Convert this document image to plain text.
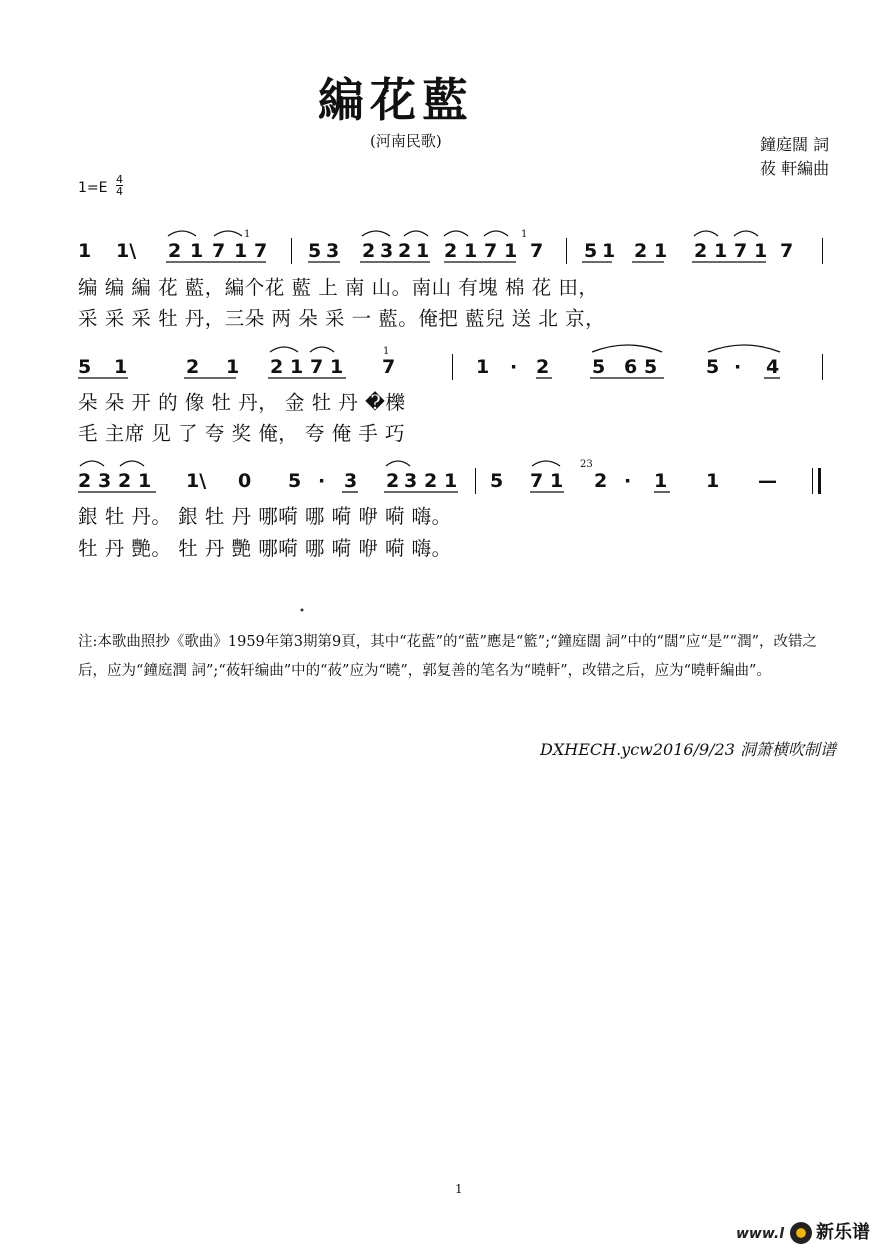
編花藍
(河南民歌)	鐘庭闊 詞
莜 軒編曲
1=E
4
4
1 1\ 2 1 7 1 7 5 3 2 3 2 1 2 1 7 1 7 5 1 2 1 2 1 7 1 7
编 编 編 花 藍，編个花 藍 上 南 山。南山 有塊 棉 花 田，
采 采 采 牡 丹，三朵 两 朵 采 一 藍。俺把 藍兒 送 北 京，
5 1	2 1 2 1 7 1 7	1 · 2 5 6 5	5 · 4
朵 朵 开 的 像 牡 丹， 金 牡 丹 �櫟
毛 主席 见 了 夸 奖 俺， 夸 俺 手 巧
2 3 2 1 1\ 0 5 · 3 2 3 2 1 5 7 1 2 · 1 1 —
銀 牡 丹。 銀 牡 丹 哪嗬 哪 嗬 咿 嗬 嗨。
牡 丹 艷。 牡 丹 艷 哪嗬 哪 嗬 咿 嗬 嗨。
1	1
1
23
注:本歌曲照抄《歌曲》1959年第3期第9頁，其中“花藍”的“藍”應是“籃”;“鐘庭闊 詞”中的“闊”应“是”“潤”，改错之后，应为“鐘庭潤 詞”;“莜轩编曲”中的“莜”应为“曉”，郭复善的笔名为“曉軒”，改错之后，应为“曉軒編曲”。
DXHECH.ycw2016/9/23 洞箫横吹制谱
1
www.l 新乐谱
